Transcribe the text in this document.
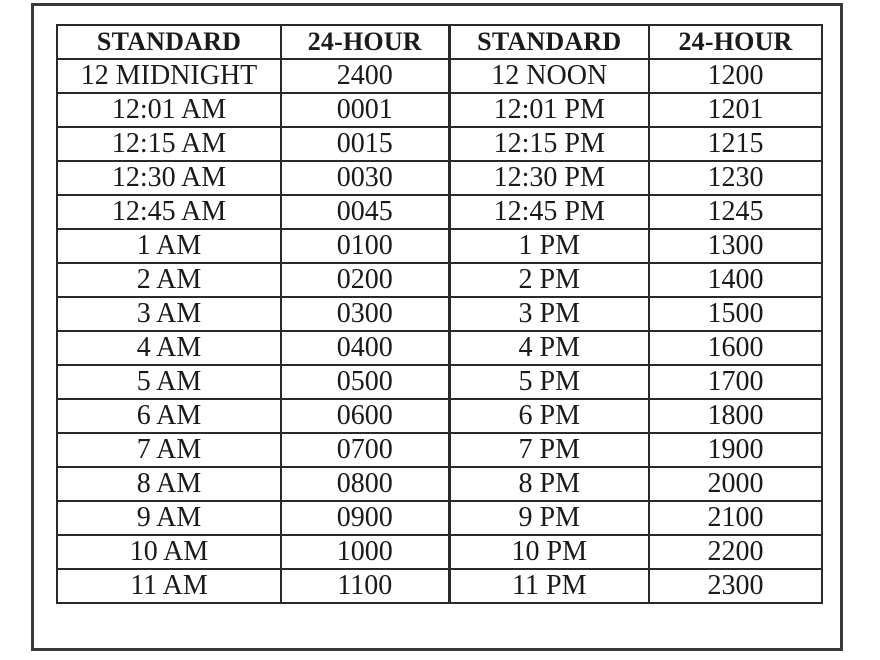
STANDARD	24-HOUR	STANDARD	24-HOUR
12 MIDNIGHT	2400	12 NOON	1200
12:01 AM	0001	12:01 PM	1201
12:15 AM	0015	12:15 PM	1215
12:30 AM	0030	12:30 PM	1230
12:45 AM	0045	12:45 PM	1245
1 AM	0100	1 PM	1300
2 AM	0200	2 PM	1400
3 AM	0300	3 PM	1500
4 AM	0400	4 PM	1600
5 AM	0500	5 PM	1700
6 AM	0600	6 PM	1800
7 AM	0700	7 PM	1900
8 AM	0800	8 PM	2000
9 AM	0900	9 PM	2100
10 AM	1000	10 PM	2200
11 AM	1100	11 PM	2300
